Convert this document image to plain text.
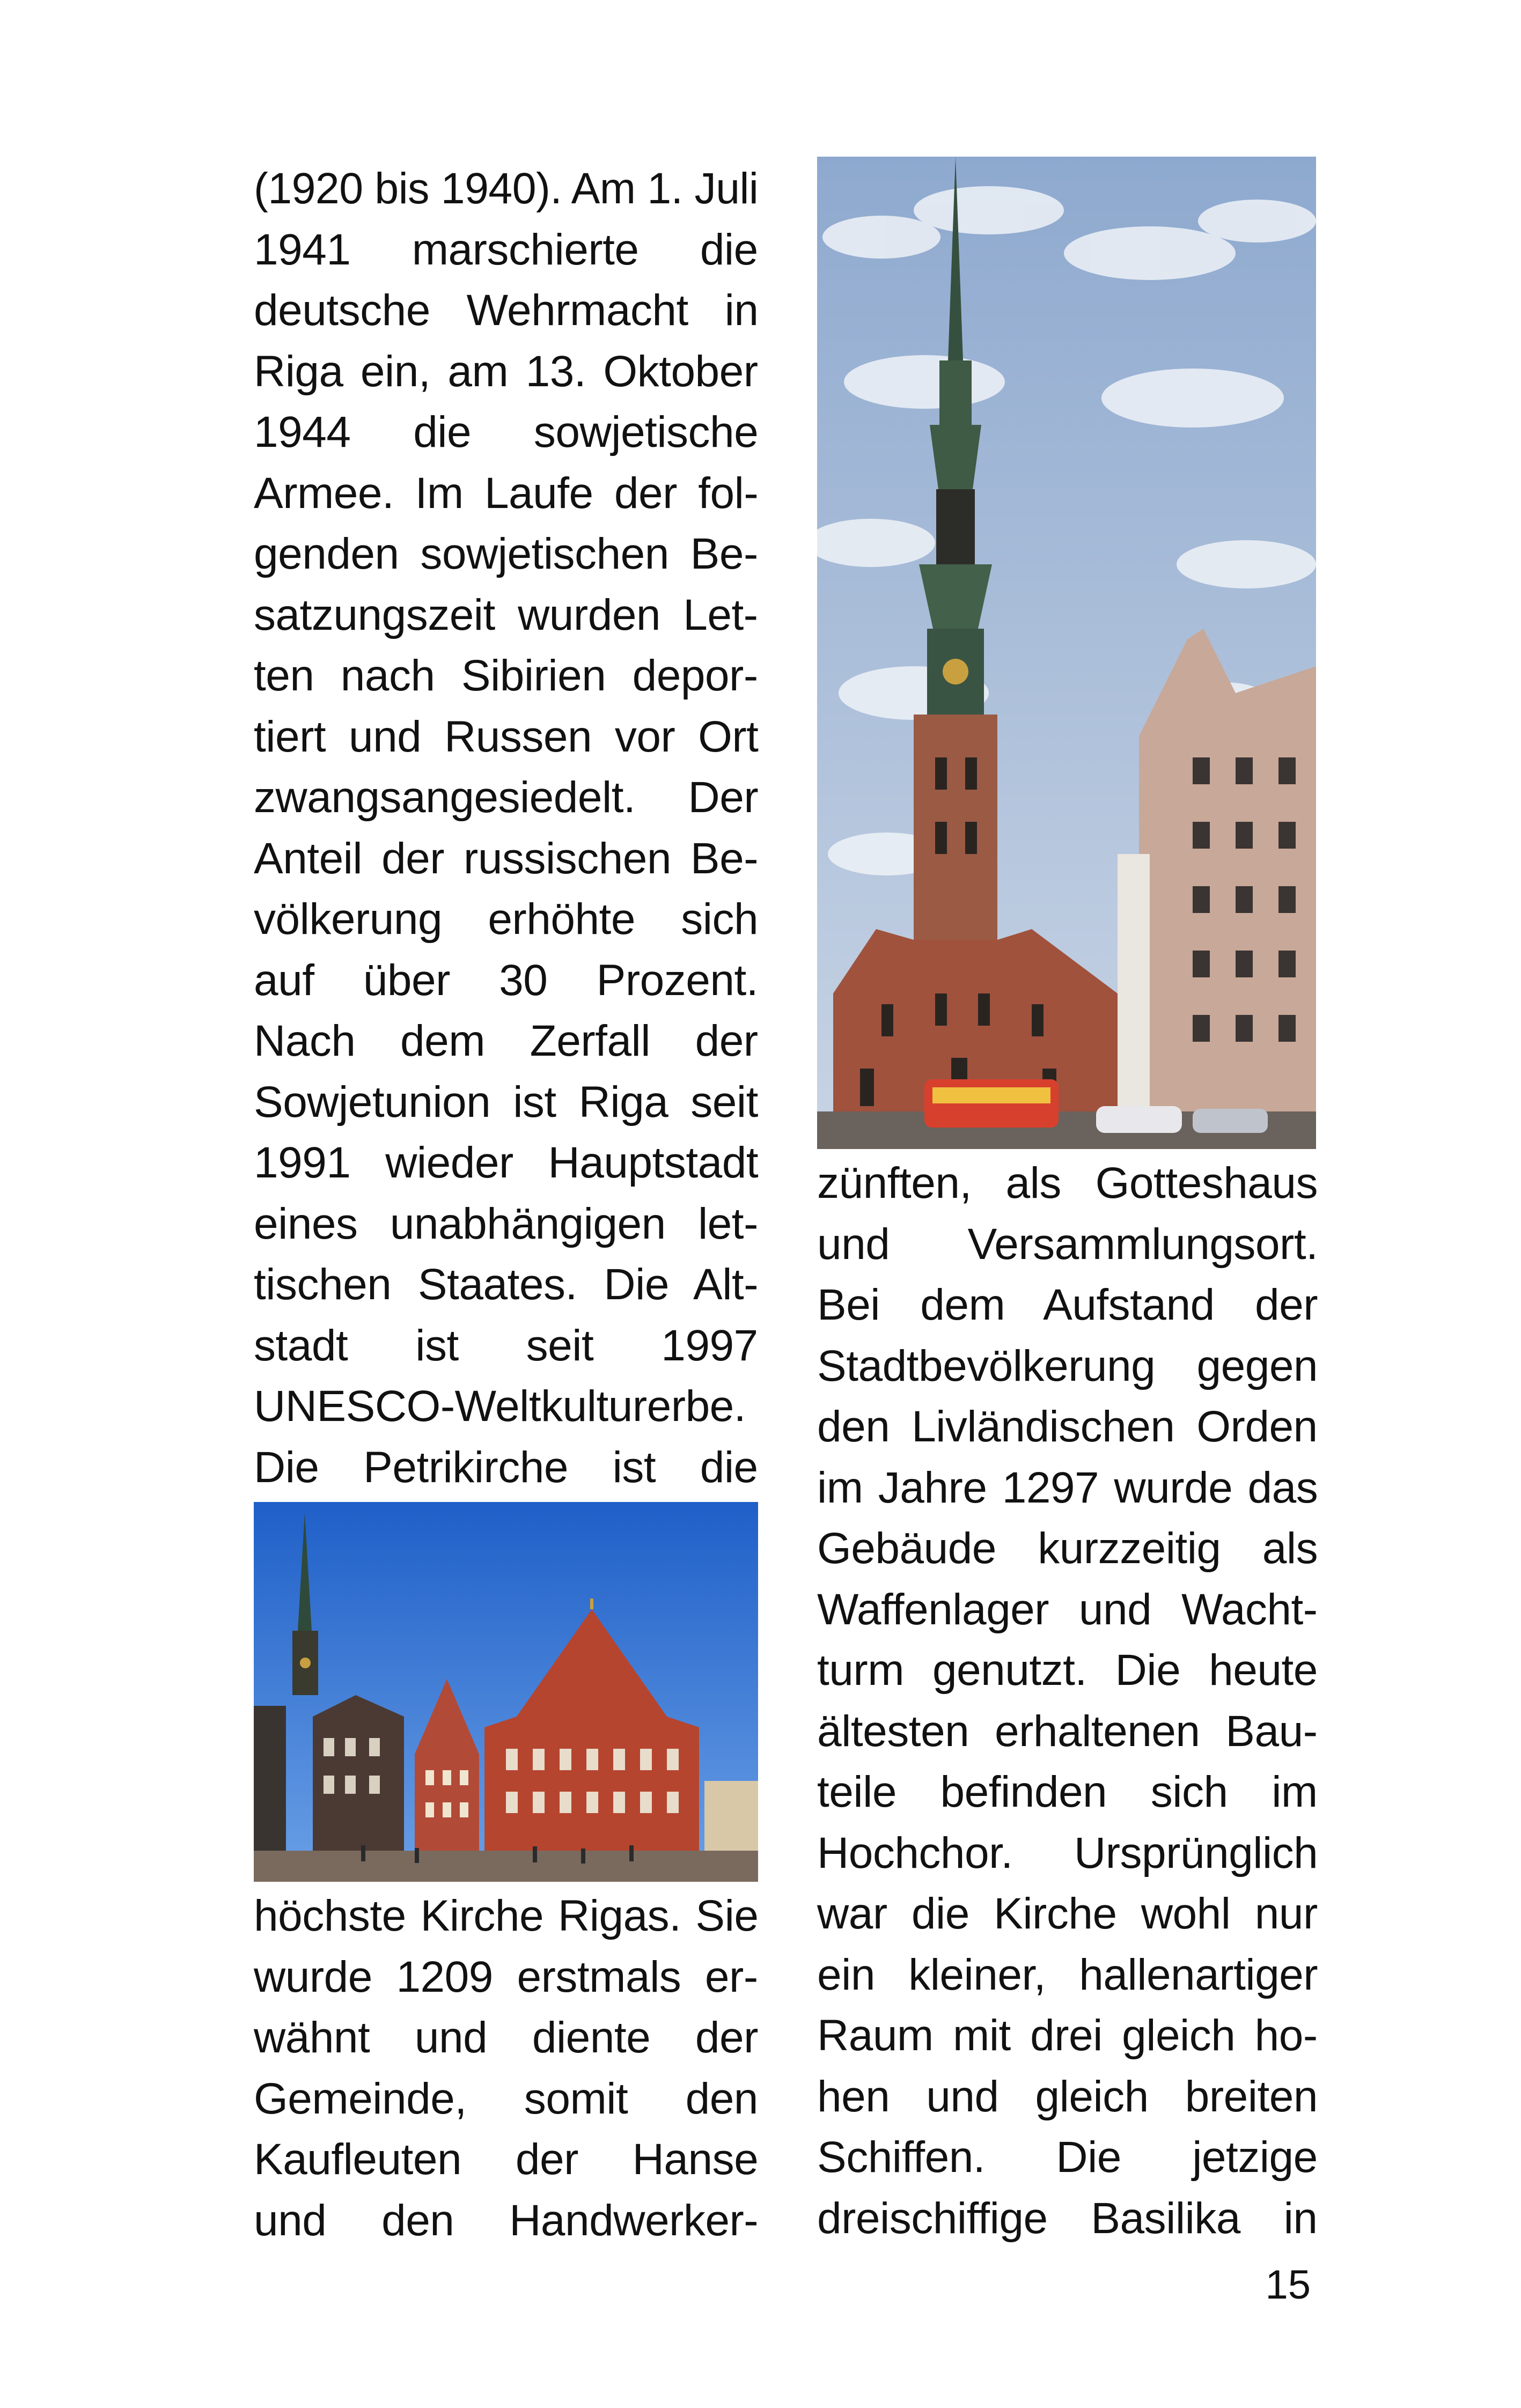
(1920 bis 1940). Am 1. Juli
1941 marschierte die
deutsche Wehrmacht in
Riga ein, am 13. Oktober
1944 die sowjetische
Armee. Im Laufe der fol-
genden sowjetischen Be-
satzungszeit wurden Let-
ten nach Sibirien depor-
tiert und Russen vor Ort
zwangsangesiedelt. Der
Anteil der russischen Be-
völkerung erhöhte sich
auf über 30 Prozent.
Nach dem Zerfall der
Sowjetunion ist Riga seit
1991 wieder Hauptstadt
eines unabhängigen let-
tischen Staates. Die Alt-
stadt ist seit 1997
UNESCO-Weltkulturerbe.
Die Petrikirche ist die

höchste Kirche Rigas. Sie
wurde 1209 erstmals er-
wähnt und diente der
Gemeinde, somit den
Kaufleuten der Hanse
und den Handwerker-

zünften, als Gotteshaus
und Versammlungsort.
Bei dem Aufstand der
Stadtbevölkerung gegen
den Livländischen Orden
im Jahre 1297 wurde das
Gebäude kurzzeitig als
Waffenlager und Wacht-
turm genutzt. Die heute
ältesten erhaltenen Bau-
teile befinden sich im
Hochchor. Ursprünglich
war die Kirche wohl nur
ein kleiner, hallenartiger
Raum mit drei gleich ho-
hen und gleich breiten
Schiffen. Die jetzige
dreischiffige Basilika in

15
